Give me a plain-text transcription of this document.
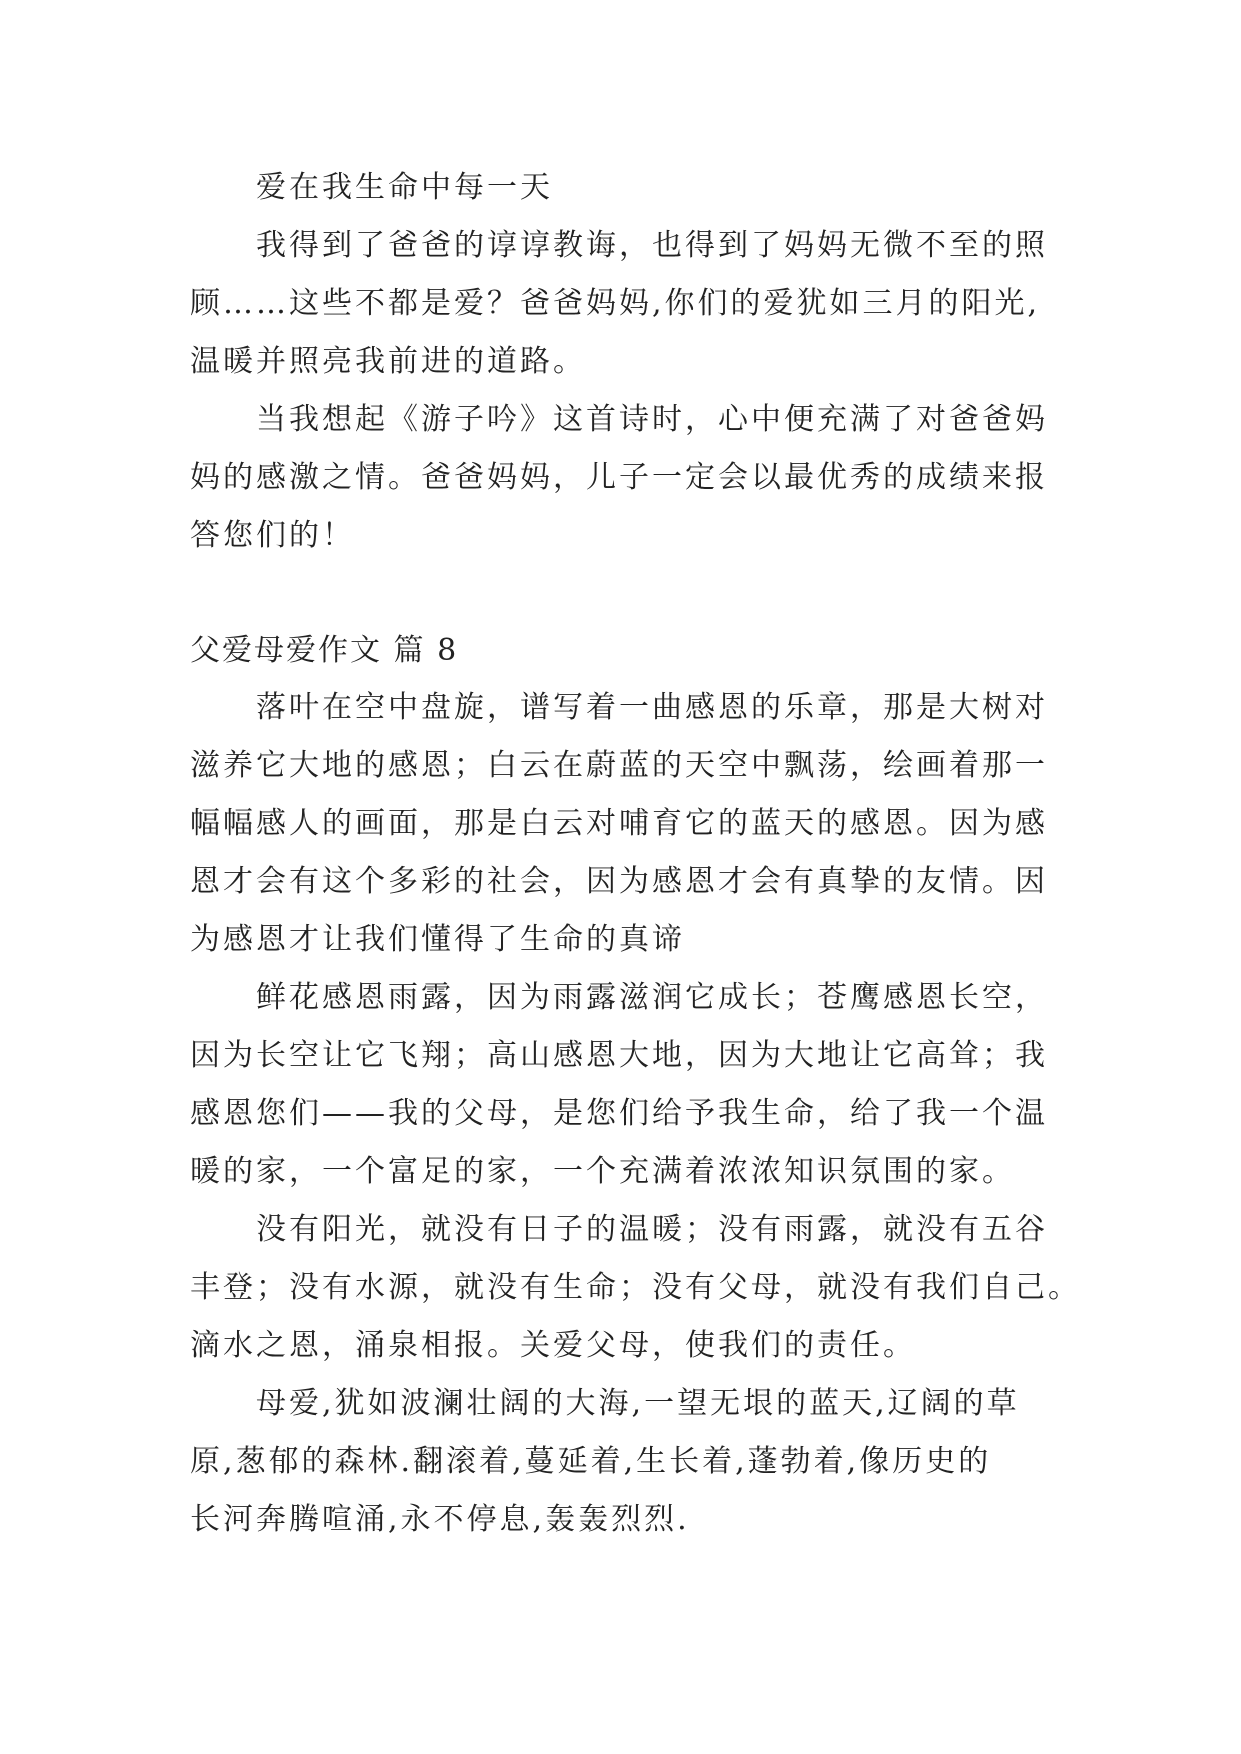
爱在我生命中每一天
我得到了爸爸的谆谆教诲，也得到了妈妈无微不至的照
顾……这些不都是爱？爸爸妈妈,你们的爱犹如三月的阳光,
温暖并照亮我前进的道路。
当我想起《游子吟》这首诗时，心中便充满了对爸爸妈
妈的感激之情。爸爸妈妈，儿子一定会以最优秀的成绩来报
答您们的！
父爱母爱作文 篇 8
落叶在空中盘旋，谱写着一曲感恩的乐章，那是大树对
滋养它大地的感恩；白云在蔚蓝的天空中飘荡，绘画着那一
幅幅感人的画面，那是白云对哺育它的蓝天的感恩。因为感
恩才会有这个多彩的社会，因为感恩才会有真挚的友情。因
为感恩才让我们懂得了生命的真谛
鲜花感恩雨露，因为雨露滋润它成长；苍鹰感恩长空，
因为长空让它飞翔；高山感恩大地，因为大地让它高耸；我
感恩您们——我的父母，是您们给予我生命，给了我一个温
暖的家，一个富足的家，一个充满着浓浓知识氛围的家。
没有阳光，就没有日子的温暖；没有雨露，就没有五谷
丰登；没有水源，就没有生命；没有父母，就没有我们自己。
滴水之恩，涌泉相报。关爱父母，使我们的责任。
母爱,犹如波澜壮阔的大海,一望无垠的蓝天,辽阔的草
原,葱郁的森林.翻滚着,蔓延着,生长着,蓬勃着,像历史的
长河奔腾喧涌,永不停息,轰轰烈烈.
